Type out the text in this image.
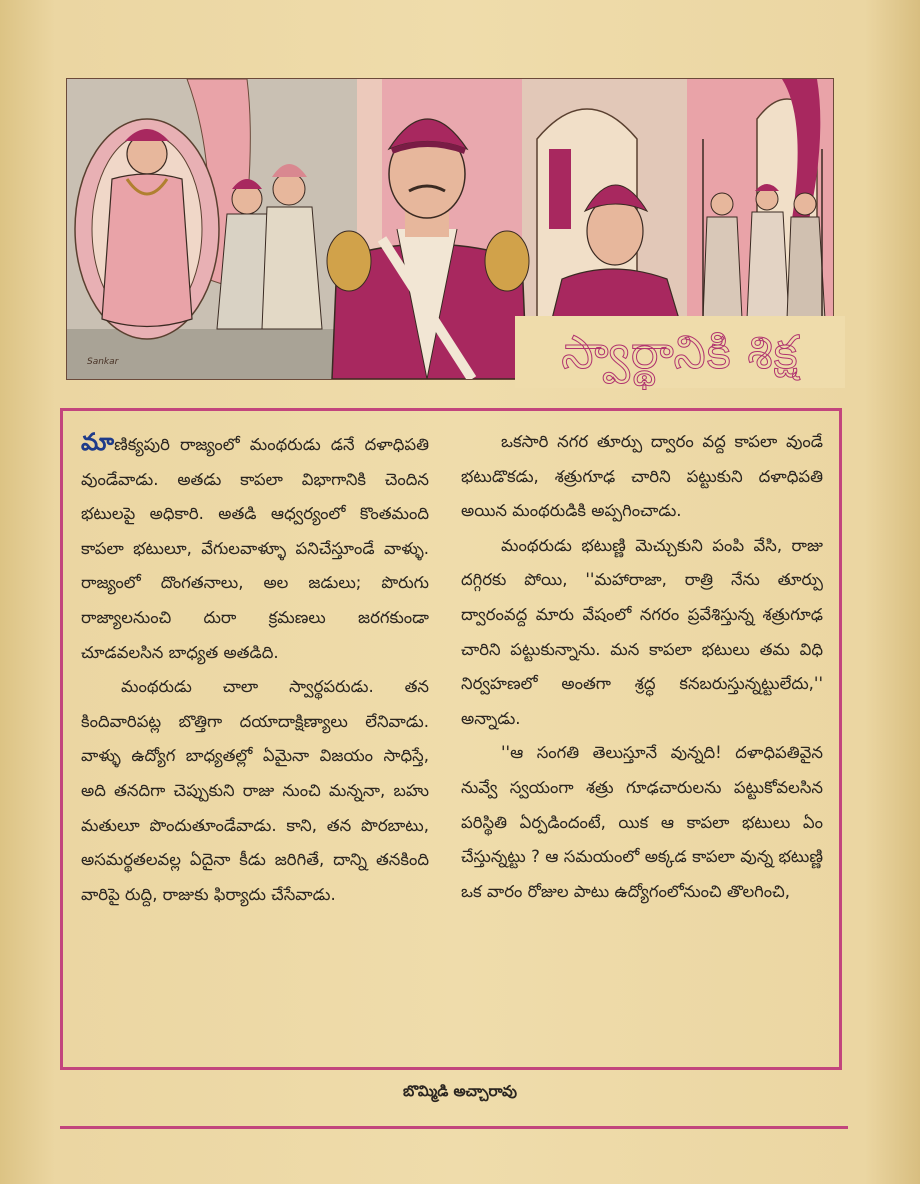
Sankar	స్వార్థానికి శిక్ష

మాణిక్యపురి రాజ్యంలో మంథరుడు డనే దళాధిపతి వుండేవాడు. అతడు కాపలా విభాగానికి చెందిన భటులపై అధికారి. అతడి ఆధ్వర్యంలో కొంతమంది కాపలా భటులూ, వేగులవాళ్ళూ పనిచేస్తూండే వాళ్ళు. రాజ్యంలో దొంగతనాలు, అల జడులు; పొరుగు రాజ్యాలనుంచి దురా క్రమణలు జరగకుండా చూడవలసిన బాధ్యత అతడిది.

మంథరుడు చాలా స్వార్థపరుడు. తన కిందివారిపట్ల బొత్తిగా దయాదాక్షిణ్యాలు లేనివాడు. వాళ్ళు ఉద్యోగ బాధ్యతల్లో ఏమైనా విజయం సాధిస్తే, అది తనదిగా చెప్పుకుని రాజు నుంచి మన్ననా, బహు మతులూ పొందుతూండేవాడు. కాని, తన పొరబాటు, అసమర్థతలవల్ల ఏదైనా కీడు జరిగితే, దాన్ని తనకింది వారిపై రుద్ది, రాజుకు ఫిర్యాదు చేసేవాడు.

ఒకసారి నగర తూర్పు ద్వారం వద్ద కాపలా వుండే భటుడొకడు, శత్రుగూఢ చారిని పట్టుకుని దళాధిపతి అయిన మంథరుడికి అప్పగించాడు.

మంథరుడు భటుణ్ణి మెచ్చుకుని పంపి వేసి, రాజు దగ్గిరకు పోయి, ''మహారాజా, రాత్రి నేను తూర్పు ద్వారంవద్ద మారు వేషంలో నగరం ప్రవేశిస్తున్న శత్రుగూఢ చారిని పట్టుకున్నాను. మన కాపలా భటులు తమ విధి నిర్వహణలో అంతగా శ్రద్ధ కనబరుస్తున్నట్టులేదు,'' అన్నాడు.

''ఆ సంగతి తెలుస్తూనే వున్నది! దళాధిపతివైన నువ్వే స్వయంగా శత్రు గూఢచారులను పట్టుకోవలసిన పరిస్థితి ఏర్పడిందంటే, యిక ఆ కాపలా భటులు ఏం చేస్తున్నట్టు ? ఆ సమయంలో అక్కడ కాపలా వున్న భటుణ్ణి ఒక వారం రోజుల పాటు ఉద్యోగంలోనుంచి తొలగించి,

బొమ్మిడి అచ్చారావు
